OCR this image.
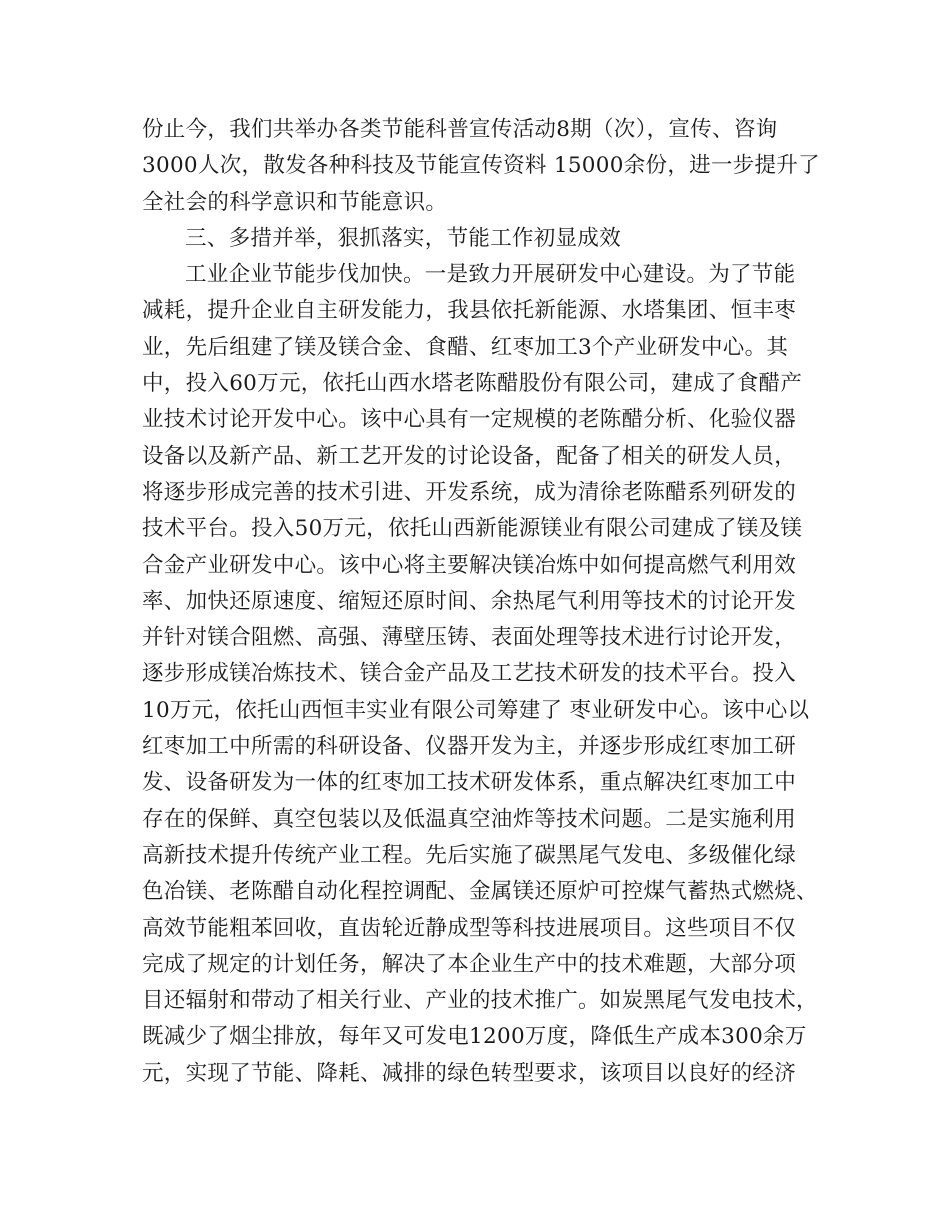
份止今，我们共举办各类节能科普宣传活动8期（次），宣传、咨询
3000人次，散发各种科技及节能宣传资料 15000余份，进一步提升了
全社会的科学意识和节能意识。
三、多措并举，狠抓落实，节能工作初显成效
工业企业节能步伐加快。一是致力开展研发中心建设。为了节能
减耗，提升企业自主研发能力，我县依托新能源、水塔集团、恒丰枣
业，先后组建了镁及镁合金、食醋、红枣加工3个产业研发中心。其
中，投入60万元，依托山西水塔老陈醋股份有限公司，建成了食醋产
业技术讨论开发中心。该中心具有一定规模的老陈醋分析、化验仪器
设备以及新产品、新工艺开发的讨论设备，配备了相关的研发人员，
将逐步形成完善的技术引进、开发系统，成为清徐老陈醋系列研发的
技术平台。投入50万元，依托山西新能源镁业有限公司建成了镁及镁
合金产业研发中心。该中心将主要解决镁冶炼中如何提高燃气利用效
率、加快还原速度、缩短还原时间、余热尾气利用等技术的讨论开发
并针对镁合阻燃、高强、薄壁压铸、表面处理等技术进行讨论开发，
逐步形成镁冶炼技术、镁合金产品及工艺技术研发的技术平台。投入
10万元，依托山西恒丰实业有限公司筹建了 枣业研发中心。该中心以
红枣加工中所需的科研设备、仪器开发为主，并逐步形成红枣加工研
发、设备研发为一体的红枣加工技术研发体系，重点解决红枣加工中
存在的保鲜、真空包装以及低温真空油炸等技术问题。二是实施利用
高新技术提升传统产业工程。先后实施了碳黑尾气发电、多级催化绿
色冶镁、老陈醋自动化程控调配、金属镁还原炉可控煤气蓄热式燃烧、
高效节能粗苯回收，直齿轮近静成型等科技进展项目。这些项目不仅
完成了规定的计划任务，解决了本企业生产中的技术难题，大部分项
目还辐射和带动了相关行业、产业的技术推广。如炭黑尾气发电技术，
既减少了烟尘排放，每年又可发电1200万度，降低生产成本300余万
元，实现了节能、降耗、减排的绿色转型要求，该项目以良好的经济
